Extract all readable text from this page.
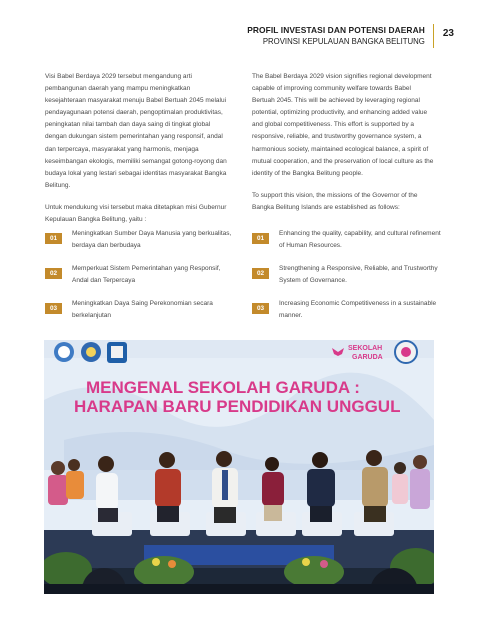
PROFIL INVESTASI DAN POTENSI DAERAH
PROVINSI KEPULAUAN BANGKA BELITUNG
23

Visi Babel Berdaya 2029 tersebut mengandung arti pembangunan daerah yang mampu meningkatkan kesejahteraan masyarakat menuju Babel Bertuah 2045 melalui pendayagunaan potensi daerah, pengoptimalan produktivitas, peningkatan nilai tambah dan daya saing di tingkat global dengan dukungan sistem pemerintahan yang responsif, andal dan terpercaya, masyarakat yang harmonis, menjaga keseimbangan ekologis, memiliki semangat gotong-royong dan budaya lokal yang lestari sebagai identitas masyarakat Bangka Belitung.

Untuk mendukung visi tersebut maka ditetapkan misi Gubernur Kepulauan Bangka Belitung, yaitu :

The Babel Berdaya 2029 vision signifies regional development capable of improving community welfare towards Babel Bertuah 2045. This will be achieved by leveraging regional potential, optimizing productivity, and enhancing added value and global competitiveness. This effort is supported by a responsive, reliable, and trustworthy governance system, a harmonious society, maintained ecological balance, a spirit of mutual cooperation, and the preservation of local culture as the identity of the Bangka Belitung people.

To support this vision, the missions of the Governor of the Bangka Belitung Islands are established as follows:

01
Meningkatkan Sumber Daya Manusia yang berkualitas, berdaya dan berbudaya
02
Memperkuat Sistem Pemerintahan yang Responsif, Andal dan Terpercaya
03
Meningkatkan Daya Saing Perekonomian secara berkelanjutan
01
Enhancing the quality, capability, and cultural refinement of Human Resources.
02
Strengthening a Responsive, Reliable, and Trustworthy System of Governance.
03
Increasing Economic Competitiveness in a sustainable manner.
SEKOLAH
GARUDA
MENGENAL SEKOLAH GARUDA :
HARAPAN BARU PENDIDIKAN UNGGUL
